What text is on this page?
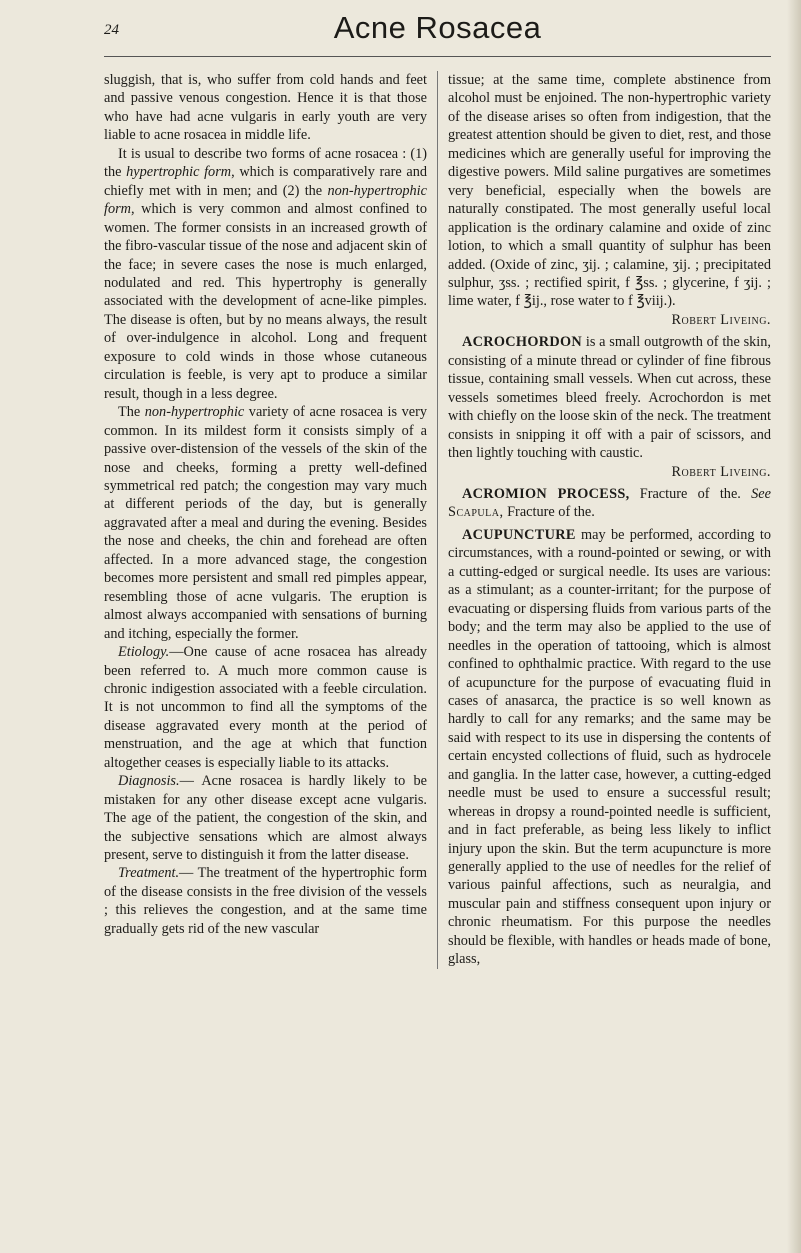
24	Acne Rosacea

sluggish, that is, who suffer from cold hands and feet and passive venous congestion. Hence it is that those who have had acne vulgaris in early youth are very liable to acne rosacea in middle life.

It is usual to describe two forms of acne rosacea : (1) the hypertrophic form, which is comparatively rare and chiefly met with in men; and (2) the non-hypertrophic form, which is very common and almost confined to women. The former consists in an increased growth of the fibro-vascular tissue of the nose and adjacent skin of the face; in severe cases the nose is much enlarged, nodulated and red. This hypertrophy is generally associated with the development of acne-like pimples. The disease is often, but by no means always, the result of over-indulgence in alcohol. Long and frequent exposure to cold winds in those whose cutaneous circulation is feeble, is very apt to produce a similar result, though in a less degree.

The non-hypertrophic variety of acne rosacea is very common. In its mildest form it consists simply of a passive over-distension of the vessels of the skin of the nose and cheeks, forming a pretty well-defined symmetrical red patch; the congestion may vary much at different periods of the day, but is generally aggravated after a meal and during the evening. Besides the nose and cheeks, the chin and forehead are often affected. In a more advanced stage, the congestion becomes more persistent and small red pimples appear, resembling those of acne vulgaris. The eruption is almost always accompanied with sensations of burning and itching, especially the former.

Etiology.—One cause of acne rosacea has already been referred to. A much more common cause is chronic indigestion associated with a feeble circulation. It is not uncommon to find all the symptoms of the disease aggravated every month at the period of menstruation, and the age at which that function altogether ceases is especially liable to its attacks.

Diagnosis.— Acne rosacea is hardly likely to be mistaken for any other disease except acne vulgaris. The age of the patient, the congestion of the skin, and the subjective sensations which are almost always present, serve to distinguish it from the latter disease.

Treatment.— The treatment of the hypertrophic form of the disease consists in the free division of the vessels ; this relieves the congestion, and at the same time gradually gets rid of the new vascular

tissue; at the same time, complete abstinence from alcohol must be enjoined. The non-hypertrophic variety of the disease arises so often from indigestion, that the greatest attention should be given to diet, rest, and those medicines which are generally useful for improving the digestive powers. Mild saline purgatives are sometimes very beneficial, especially when the bowels are naturally constipated. The most generally useful local application is the ordinary calamine and oxide of zinc lotion, to which a small quantity of sulphur has been added. (Oxide of zinc, ʒij. ; calamine, ʒij. ; precipitated sulphur, ʒss. ; rectified spirit, f ℥ss. ; glycerine, f ʒij. ; lime water, f ℥ij., rose water to f ℥viij.).

Robert Liveing.

ACROCHORDON is a small outgrowth of the skin, consisting of a minute thread or cylinder of fine fibrous tissue, containing small vessels. When cut across, these vessels sometimes bleed freely. Acrochordon is met with chiefly on the loose skin of the neck. The treatment consists in snipping it off with a pair of scissors, and then lightly touching with caustic.

Robert Liveing.

ACROMION PROCESS, Fracture of the. See Scapula, Fracture of the.

ACUPUNCTURE may be performed, according to circumstances, with a round-pointed or sewing, or with a cutting-edged or surgical needle. Its uses are various: as a stimulant; as a counter-irritant; for the purpose of evacuating or dispersing fluids from various parts of the body; and the term may also be applied to the use of needles in the operation of tattooing, which is almost confined to ophthalmic practice. With regard to the use of acupuncture for the purpose of evacuating fluid in cases of anasarca, the practice is so well known as hardly to call for any remarks; and the same may be said with respect to its use in dispersing the contents of certain encysted collections of fluid, such as hydrocele and ganglia. In the latter case, however, a cutting-edged needle must be used to ensure a successful result; whereas in dropsy a round-pointed needle is sufficient, and in fact preferable, as being less likely to inflict injury upon the skin. But the term acupuncture is more generally applied to the use of needles for the relief of various painful affections, such as neuralgia, and muscular pain and stiffness consequent upon injury or chronic rheumatism. For this purpose the needles should be flexible, with handles or heads made of bone, glass,
